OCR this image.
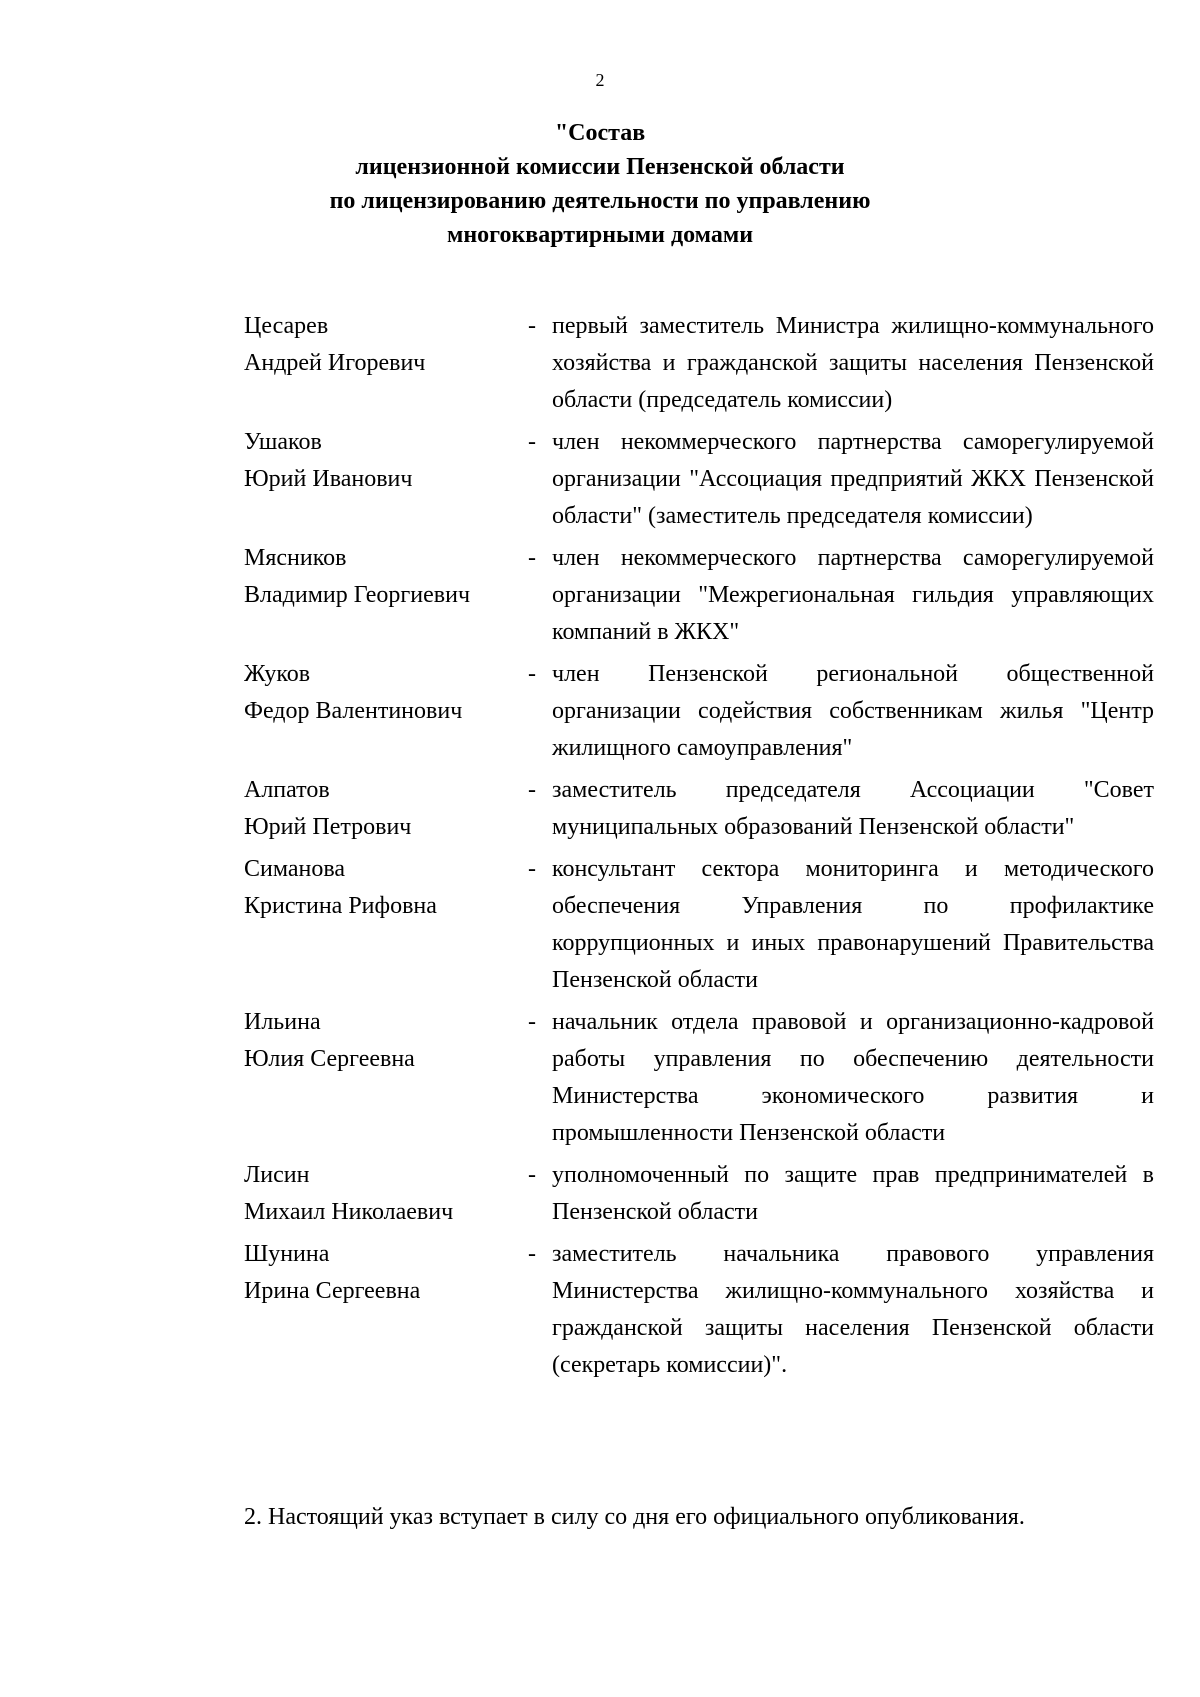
2
"Состав
лицензионной комиссии Пензенской области
по лицензированию деятельности по управлению
многоквартирными домами
Цесарев
Андрей Игоревич
- первый заместитель Министра жилищно-коммунального хозяйства и гражданской защиты населения Пензенской области (председатель комиссии)
Ушаков
Юрий Иванович
- член некоммерческого партнерства саморегулируемой организации "Ассоциация предприятий ЖКХ Пензенской области" (заместитель председателя комиссии)
Мясников
Владимир Георгиевич
- член некоммерческого партнерства саморегулируемой организации "Межрегиональная гильдия управляющих компаний в ЖКХ"
Жуков
Федор Валентинович
- член Пензенской региональной общественной организации содействия собственникам жилья "Центр жилищного самоуправления"
Алпатов
Юрий Петрович
- заместитель председателя Ассоциации "Совет муниципальных образований Пензенской области"
Симанова
Кристина Рифовна
- консультант сектора мониторинга и методического обеспечения Управления по профилактике коррупционных и иных правонарушений Правительства Пензенской области
Ильина
Юлия Сергеевна
- начальник отдела правовой и организационно-кадровой работы управления по обеспечению деятельности Министерства экономического развития и промышленности Пензенской области
Лисин
Михаил Николаевич
- уполномоченный по защите прав предпринимателей в Пензенской области
Шунина
Ирина Сергеевна
- заместитель начальника правового управления Министерства жилищно-коммунального хозяйства и гражданской защиты населения Пензенской области (секретарь комиссии)".

2. Настоящий указ вступает в силу со дня его официального опубликования.
